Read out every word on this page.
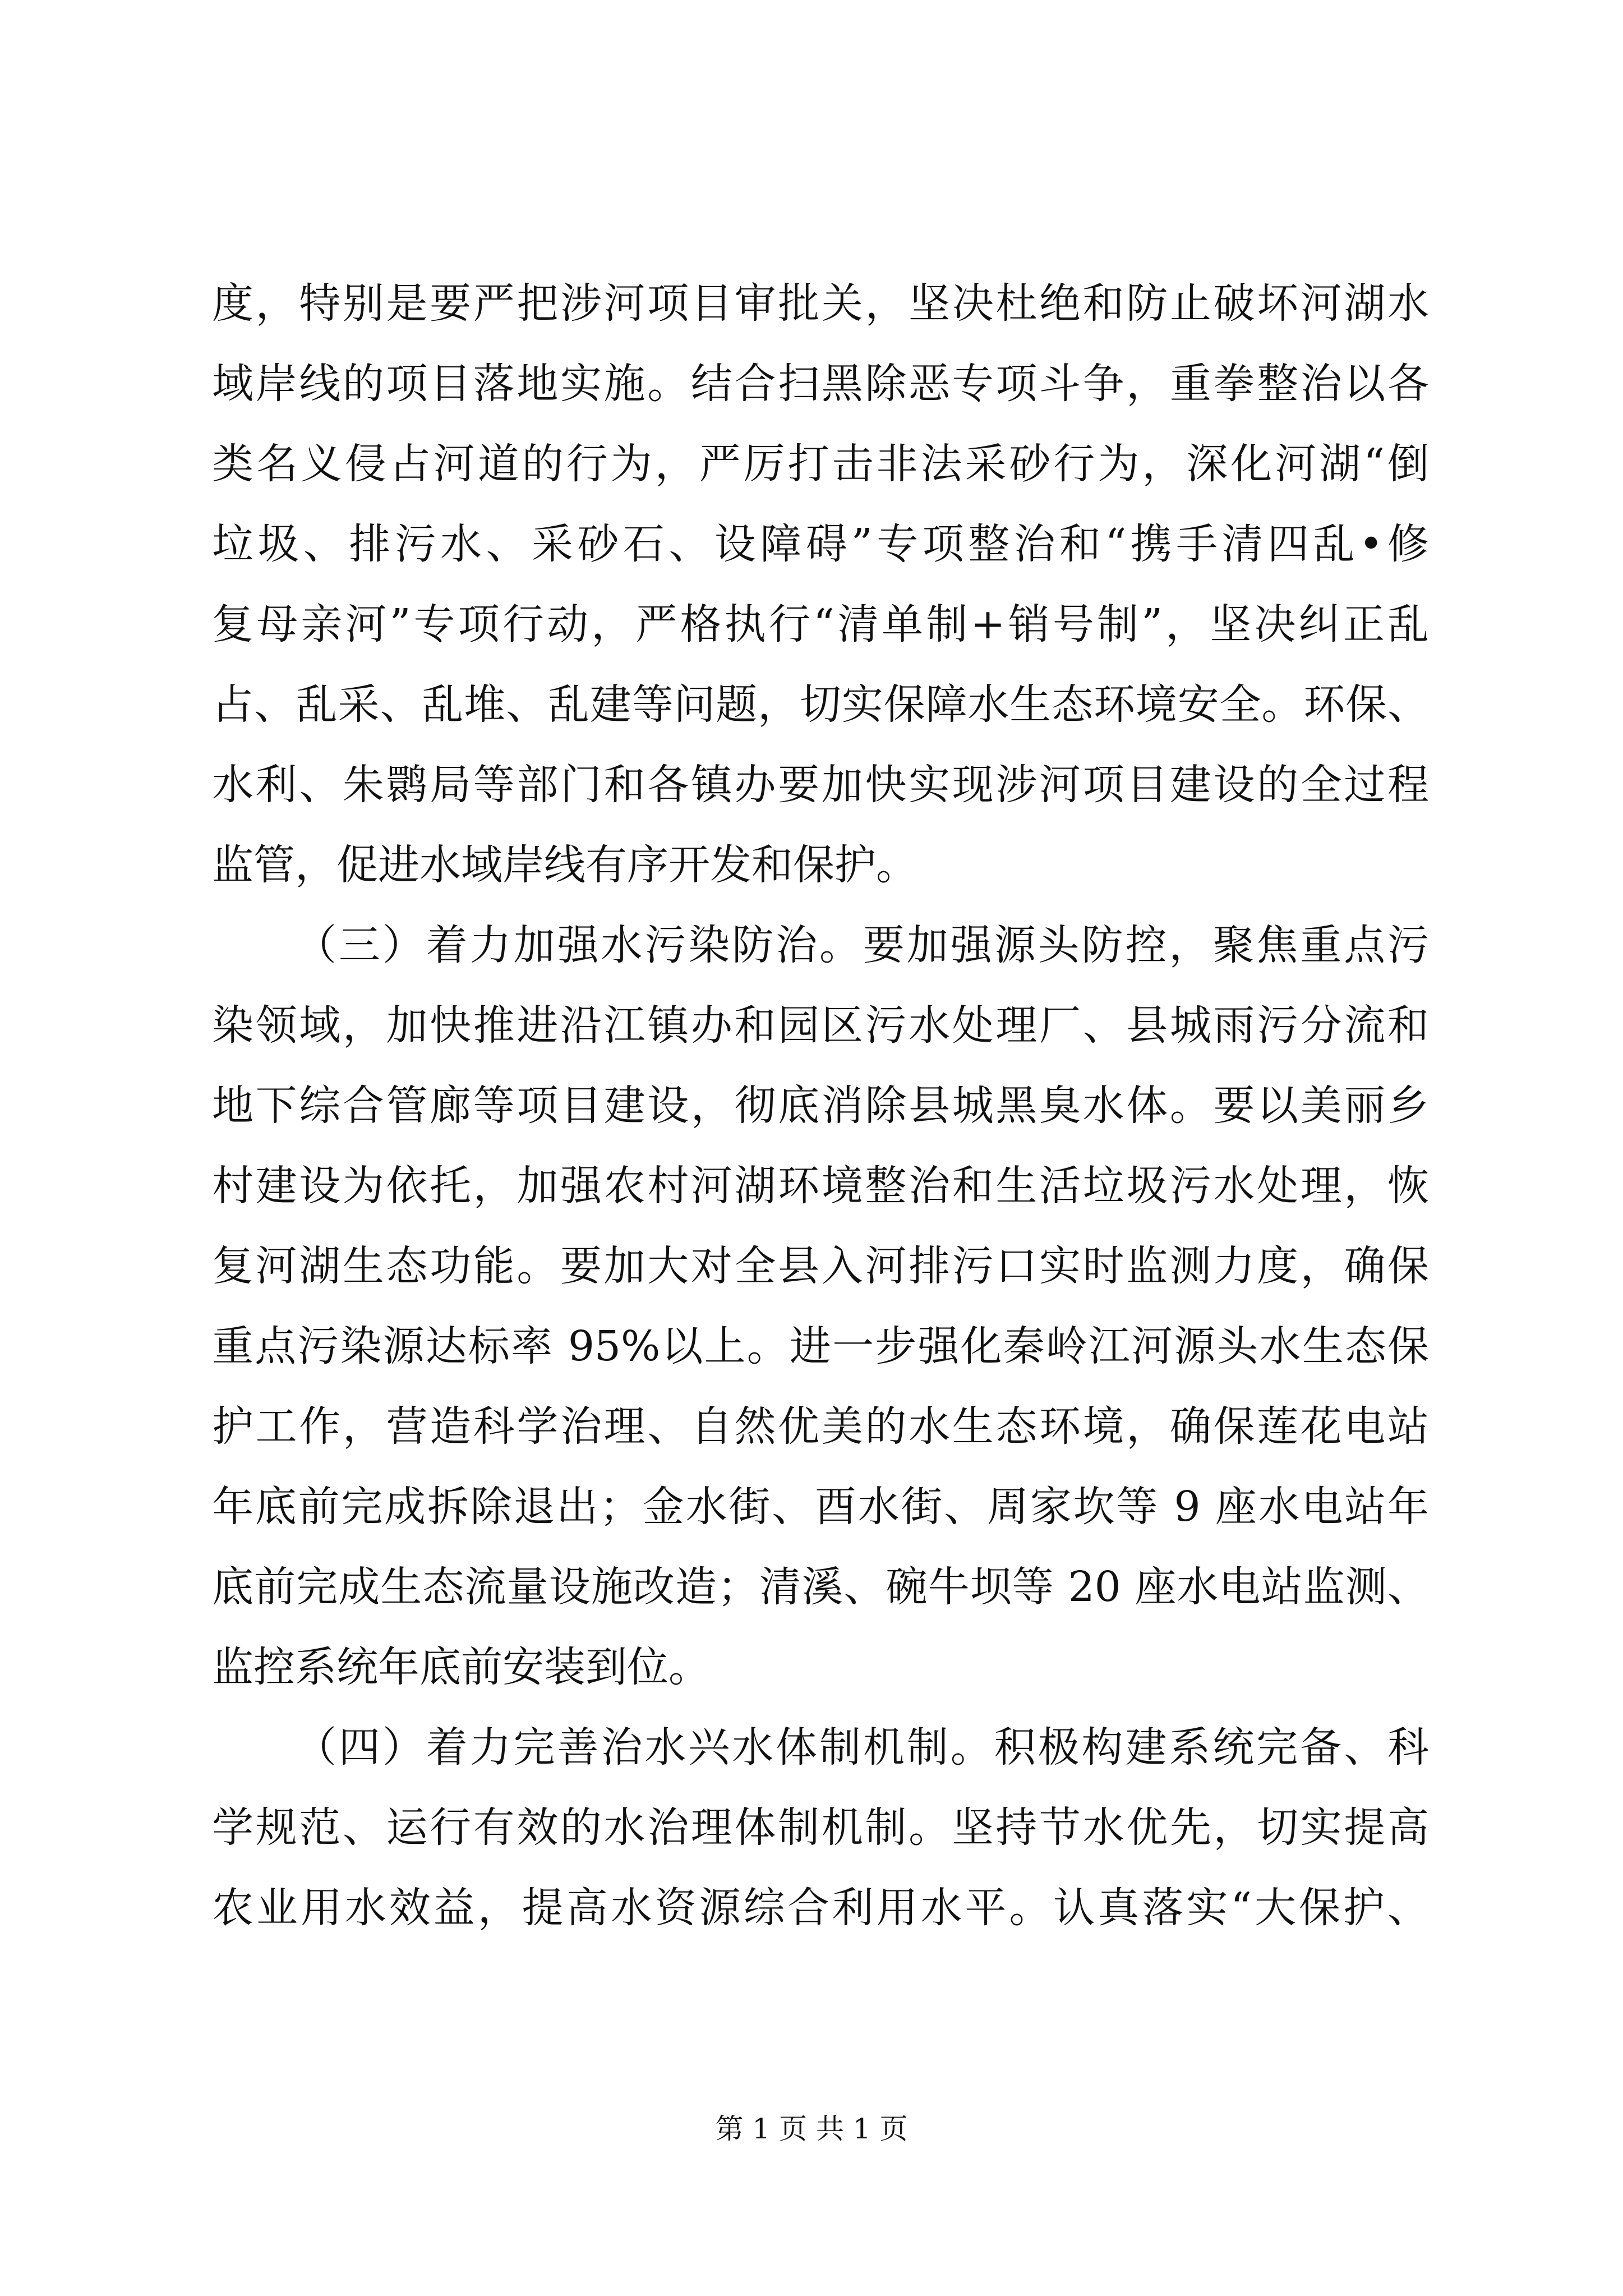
度，特别是要严把涉河项目审批关，坚决杜绝和防止破坏河湖水
域岸线的项目落地实施。结合扫黑除恶专项斗争，重拳整治以各
类名义侵占河道的行为，严厉打击非法采砂行为，深化河湖“倒
垃圾、排污水、采砂石、设障碍”专项整治和“携手清四乱•修
复母亲河”专项行动，严格执行“清单制+销号制”，坚决纠正乱
占、乱采、乱堆、乱建等问题，切实保障水生态环境安全。环保、
水利、朱鹮局等部门和各镇办要加快实现涉河项目建设的全过程
监管，促进水域岸线有序开发和保护。
（三）着力加强水污染防治。要加强源头防控，聚焦重点污
染领域，加快推进沿江镇办和园区污水处理厂、县城雨污分流和
地下综合管廊等项目建设，彻底消除县城黑臭水体。要以美丽乡
村建设为依托，加强农村河湖环境整治和生活垃圾污水处理，恢
复河湖生态功能。要加大对全县入河排污口实时监测力度，确保
重点污染源达标率 95%以上。进一步强化秦岭江河源头水生态保
护工作，营造科学治理、自然优美的水生态环境，确保莲花电站
年底前完成拆除退出；金水街、酉水街、周家坎等 9 座水电站年
底前完成生态流量设施改造；清溪、碗牛坝等 20 座水电站监测、
监控系统年底前安装到位。
（四）着力完善治水兴水体制机制。积极构建系统完备、科
学规范、运行有效的水治理体制机制。坚持节水优先，切实提高
农业用水效益，提高水资源综合利用水平。认真落实“大保护、
第 1 页 共 1 页
